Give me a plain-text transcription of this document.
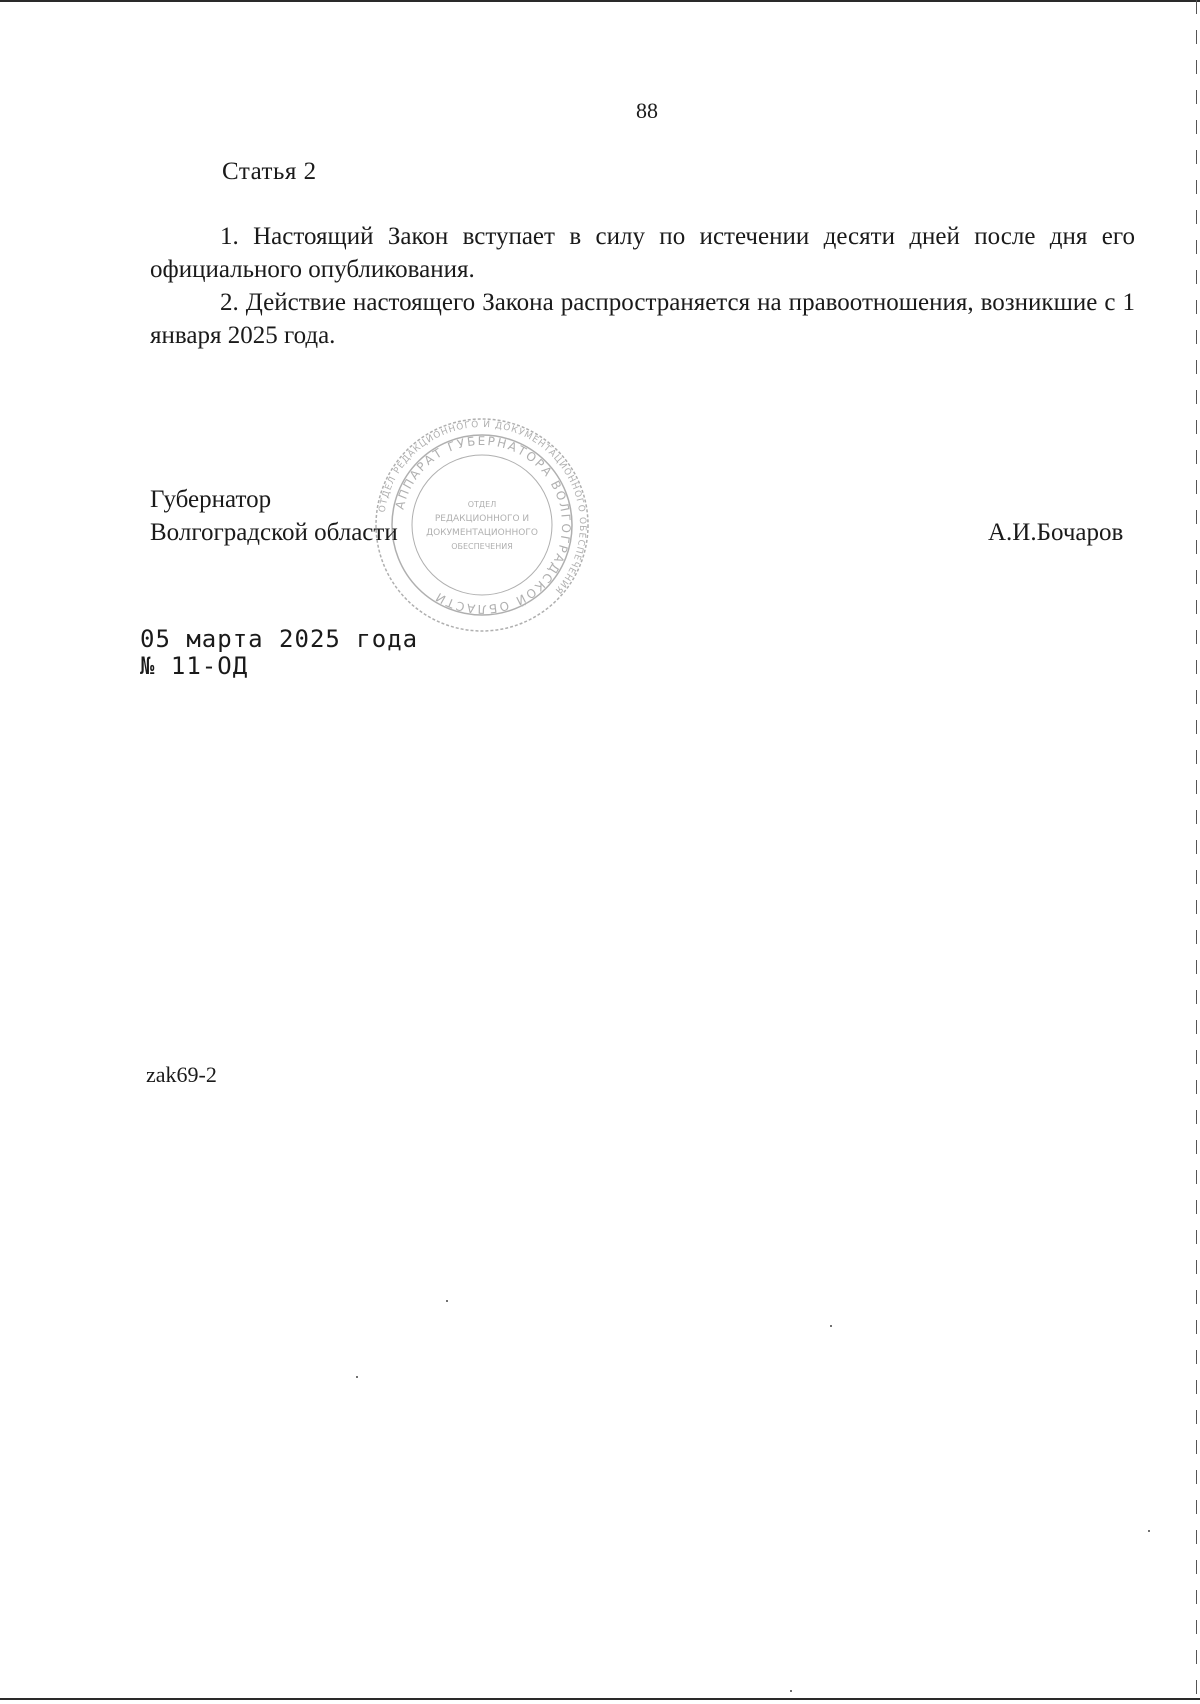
88
Статья 2

1. Настоящий Закон вступает в силу по истечении десяти дней после дня его официального опубликования.

2. Действие настоящего Закона распространяется на правоотношения, возникшие с 1 января 2025 года.

Губернатор
Волгоградской области	А.И.Бочаров
ОТДЕЛ РЕДАКЦИОННОГО И ДОКУМЕНТАЦИОННОГО ОБЕСПЕЧЕНИЯ
АППАРАТ ГУБЕРНАТОРА ВОЛГОГРАДСКОЙ ОБЛАСТИ
ОТДЕЛ
РЕДАКЦИОННОГО И
ДОКУМЕНТАЦИОННОГО
ОБЕСПЕЧЕНИЯ
05 марта 2025 года
№ 11-ОД
zak69-2
